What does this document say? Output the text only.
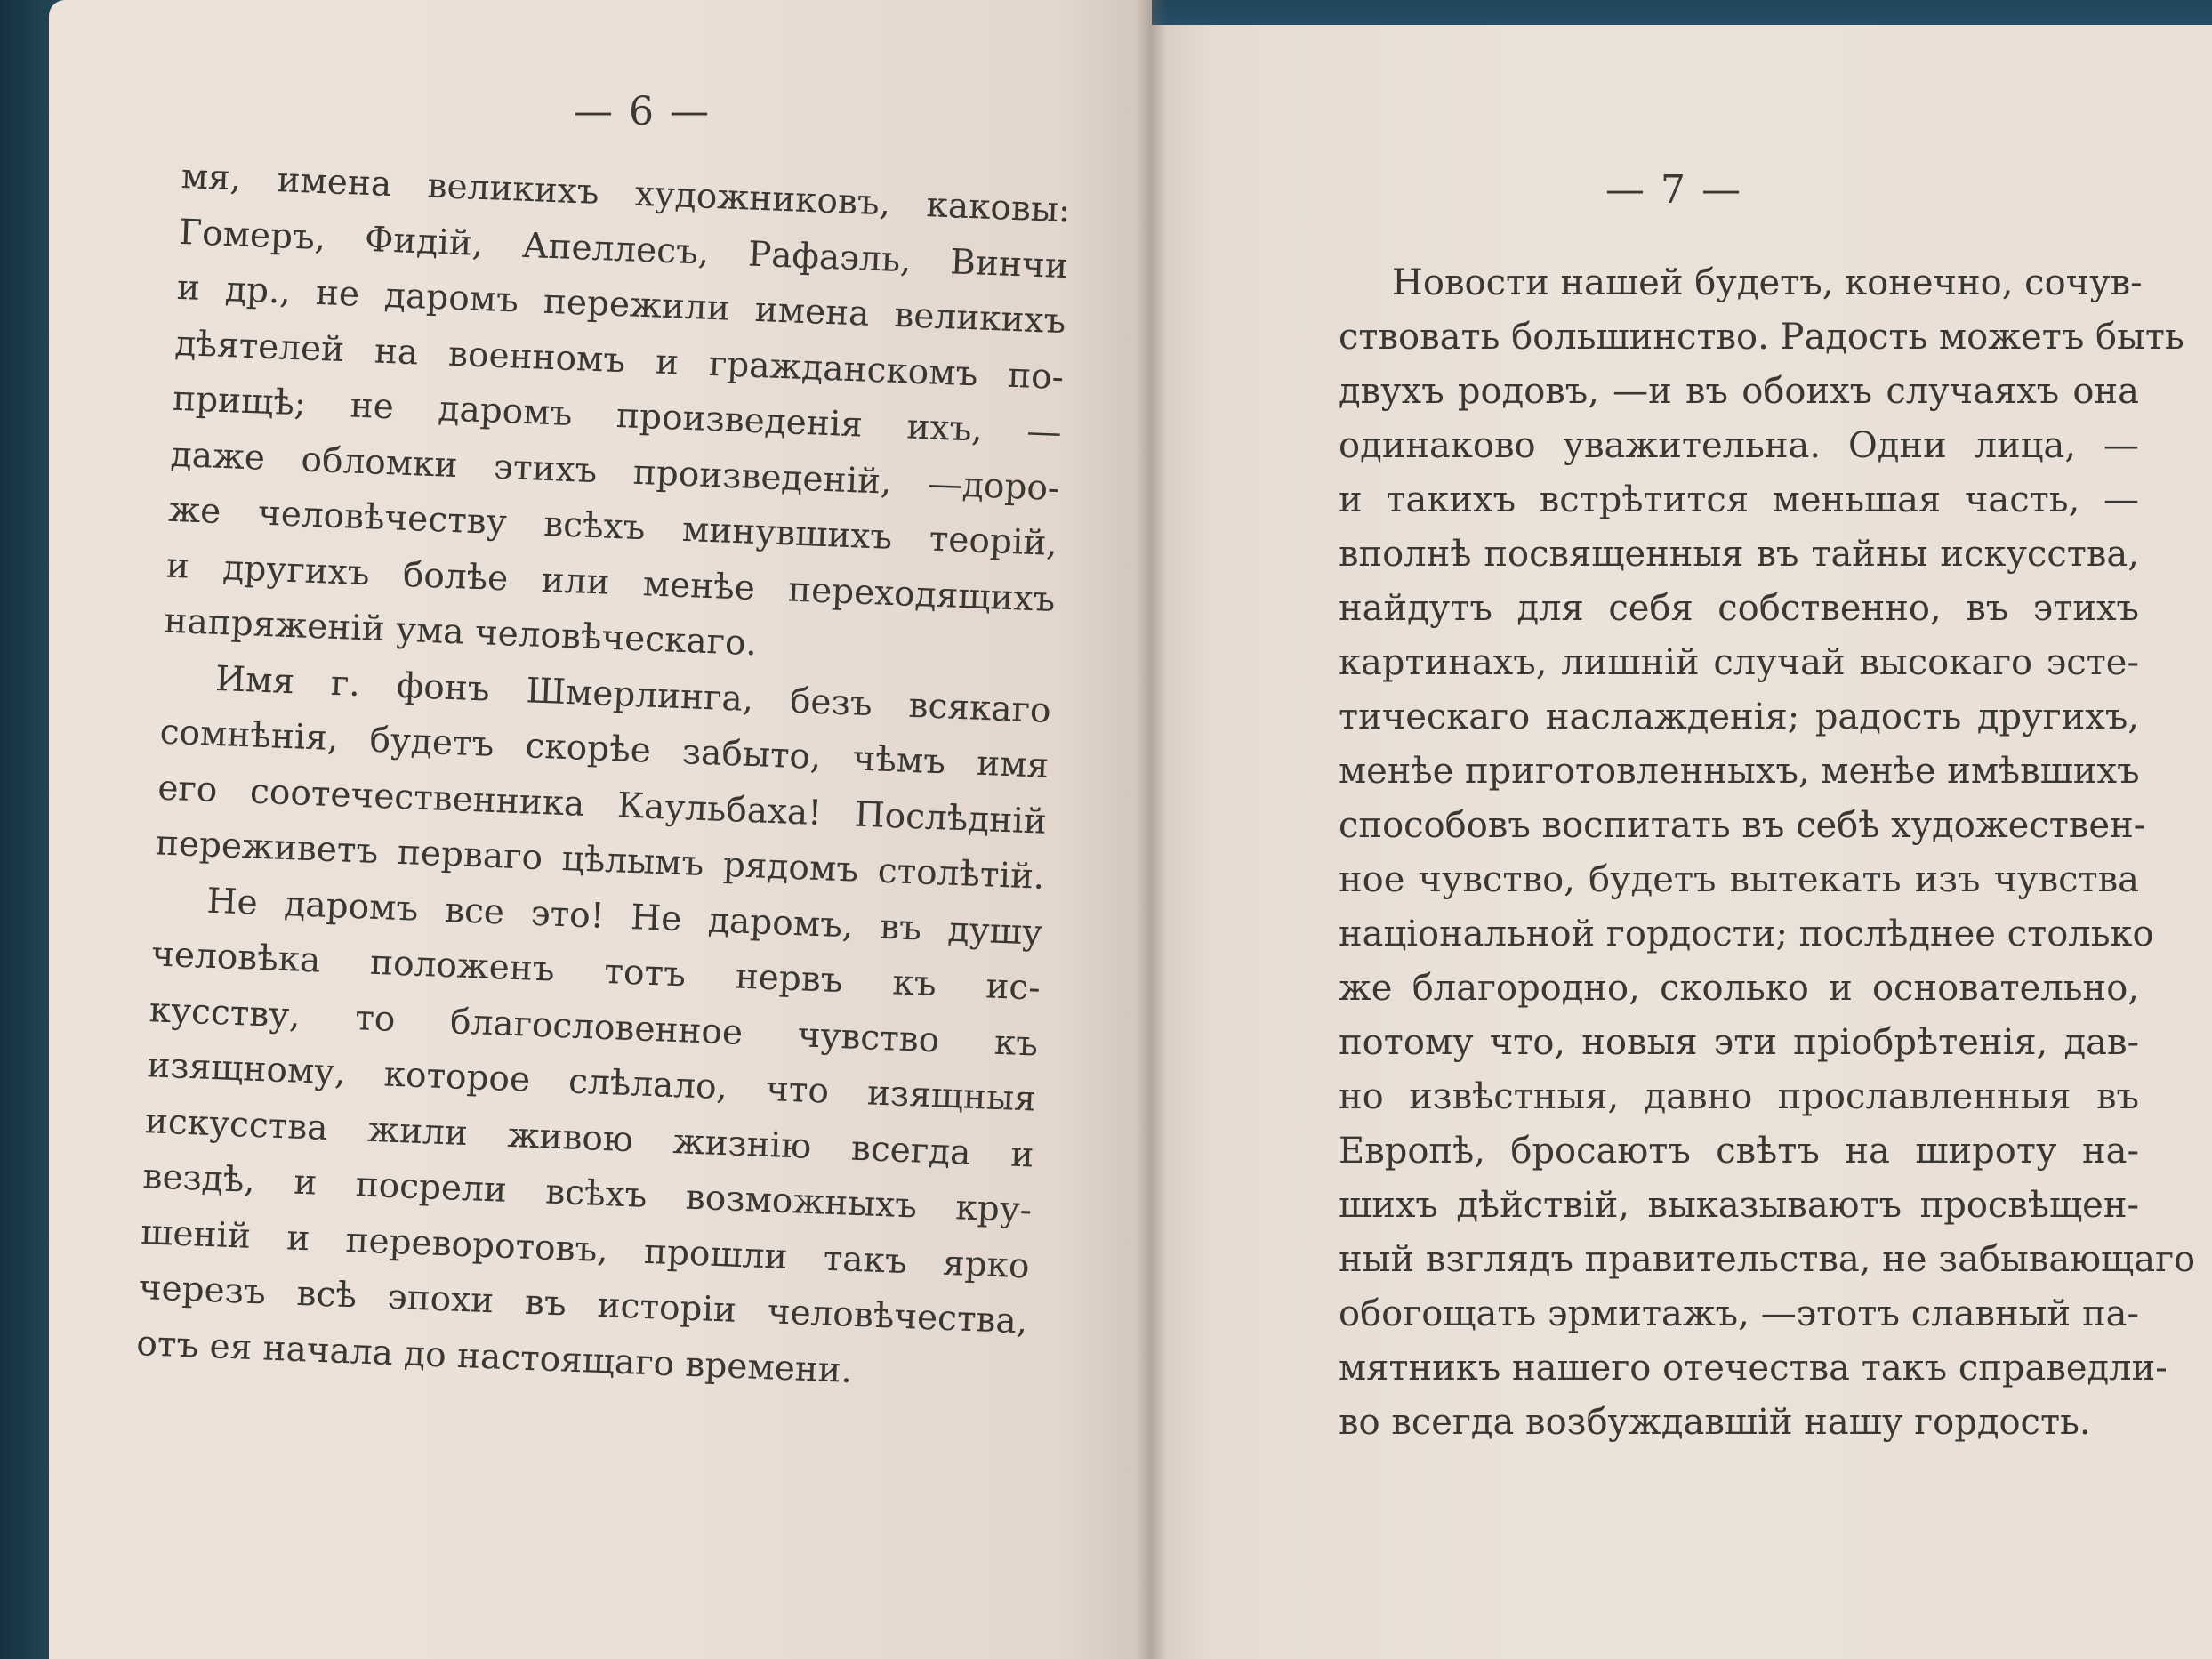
— 6 —
мя, имена великихъ художниковъ, каковы:
Гомеръ, Фидій, Апеллесъ, Рафаэль, Винчи
и др., не даромъ пережили имена великихъ
дѣятелей на военномъ и гражданскомъ по-
прищѣ; не даромъ произведенія ихъ, —
даже обломки этихъ произведеній, —доро-
же человѣчеству всѣхъ минувшихъ теорій,
и другихъ болѣе или менѣе переходящихъ
напряженій ума человѣческаго.
Имя г. фонъ Шмерлинга, безъ всякаго
сомнѣнія, будетъ скорѣе забыто, чѣмъ имя
его соотечественника Каульбаха! Послѣдній
переживетъ перваго цѣлымъ рядомъ столѣтій.
Не даромъ все это! Не даромъ, въ душу
человѣка положенъ тотъ нервъ къ ис-
кусству, то благословенное чувство къ
изящному, которое слѣлало, что изящныя
искусства жили живою жизнію всегда и
вездѣ, и посрели всѣхъ возможныхъ кру-
шеній и переворотовъ, прошли такъ ярко
черезъ всѣ эпохи въ исторіи человѣчества,
отъ ея начала до настоящаго времени.
— 7 —
Новости нашей будетъ, конечно, сочув-
ствовать большинство. Радость можетъ быть
двухъ родовъ, —и въ обоихъ случаяхъ она
одинаково уважительна. Одни лица, —
и такихъ встрѣтится меньшая часть, —
вполнѣ посвященныя въ тайны искусства,
найдутъ для себя собственно, въ этихъ
картинахъ, лишній случай высокаго эсте-
тическаго наслажденія; радость другихъ,
менѣе приготовленныхъ, менѣе имѣвшихъ
способовъ воспитать въ себѣ художествен-
ное чувство, будетъ вытекать изъ чувства
національной гордости; послѣднее столько
же благородно, сколько и основательно,
потому что, новыя эти пріобрѣтенія, дав-
но извѣстныя, давно прославленныя въ
Европѣ, бросаютъ свѣтъ на широту на-
шихъ дѣйствій, выказываютъ просвѣщен-
ный взглядъ правительства, не забывающаго
обогощать эрмитажъ, —этотъ славный па-
мятникъ нашего отечества такъ справедли-
во всегда возбуждавшій нашу гордость.
